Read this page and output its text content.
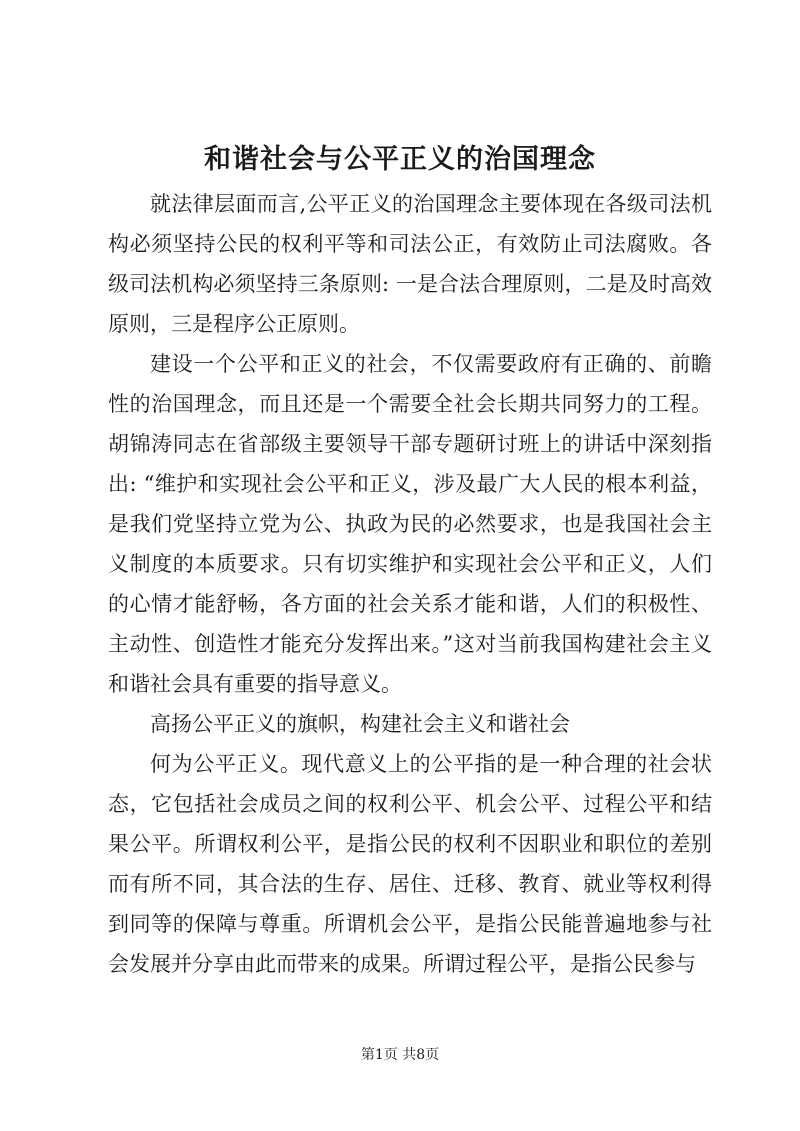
和谐社会与公平正义的治国理念

就法律层面而言,公平正义的治国理念主要体现在各级司法机构必须坚持公民的权利平等和司法公正，有效防止司法腐败。各级司法机构必须坚持三条原则: 一是合法合理原则，二是及时高效原则，三是程序公正原则。

建设一个公平和正义的社会，不仅需要政府有正确的、前瞻性的治国理念，而且还是一个需要全社会长期共同努力的工程。胡锦涛同志在省部级主要领导干部专题研讨班上的讲话中深刻指出: “维护和实现社会公平和正义，涉及最广大人民的根本利益，是我们党坚持立党为公、执政为民的必然要求，也是我国社会主义制度的本质要求。只有切实维护和实现社会公平和正义，人们的心情才能舒畅，各方面的社会关系才能和谐，人们的积极性、主动性、创造性才能充分发挥出来。”这对当前我国构建社会主义和谐社会具有重要的指导意义。

高扬公平正义的旗帜，构建社会主义和谐社会

何为公平正义。现代意义上的公平指的是一种合理的社会状态，它包括社会成员之间的权利公平、机会公平、过程公平和结果公平。所谓权利公平，是指公民的权利不因职业和职位的差别而有所不同，其合法的生存、居住、迁移、教育、就业等权利得到同等的保障与尊重。所谓机会公平，是指公民能普遍地参与社会发展并分享由此而带来的成果。所谓过程公平，是指公民参与

第1页 共8页
